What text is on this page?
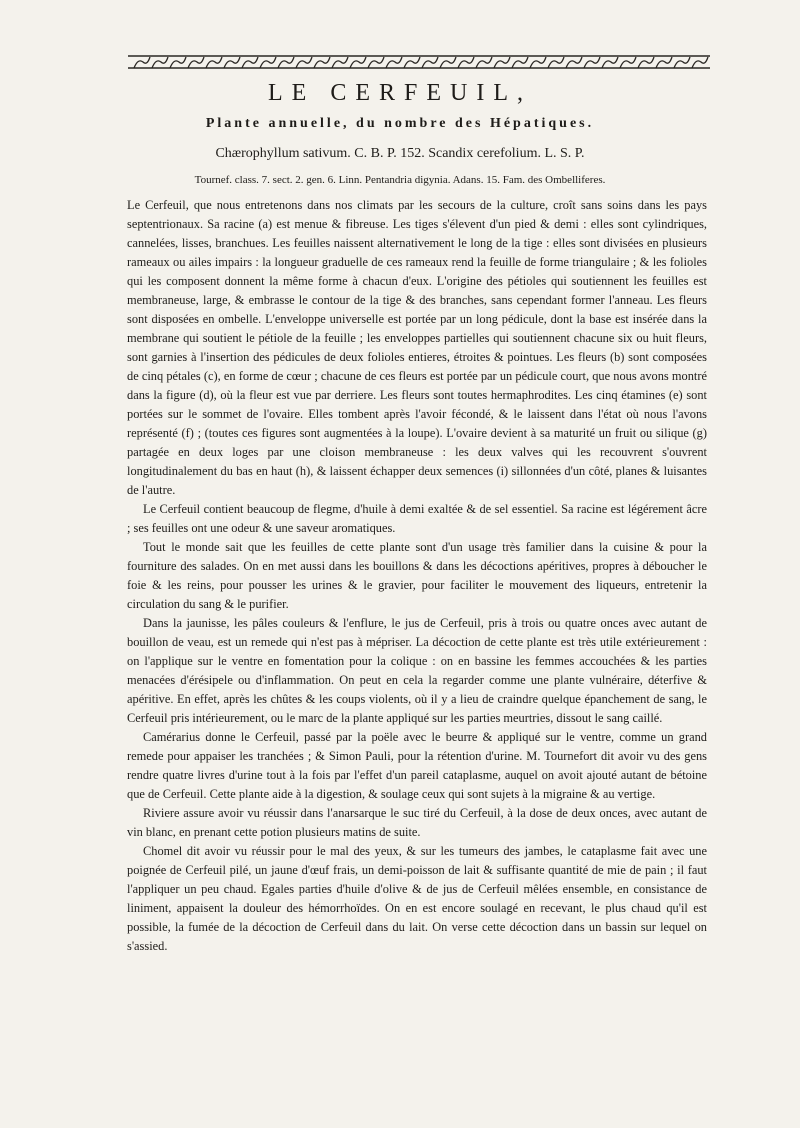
LE CERFEUIL,
Plante annuelle, du nombre des Hépatiques.

Chærophyllum sativum. C. B. P. 152. Scandix cerefolium. L. S. P.

Tournef. class. 7. sect. 2. gen. 6. Linn. Pentandria digynia. Adans. 15. Fam. des Ombelliferes.

Le Cerfeuil, que nous entretenons dans nos climats par les secours de la culture, croît sans soins dans les pays septentrionaux. Sa racine (a) est menue & fibreuse. Les tiges s'élevent d'un pied & demi : elles sont cylindriques, cannelées, lisses, branchues. Les feuilles naissent alternativement le long de la tige : elles sont divisées en plusieurs rameaux ou ailes impairs : la longueur graduelle de ces rameaux rend la feuille de forme triangulaire ; & les folioles qui les composent donnent la même forme à chacun d'eux. L'origine des pétioles qui soutiennent les feuilles est membraneuse, large, & embrasse le contour de la tige & des branches, sans cependant former l'anneau. Les fleurs sont disposées en ombelle. L'enveloppe universelle est portée par un long pédicule, dont la base est insérée dans la membrane qui soutient le pétiole de la feuille ; les enveloppes partielles qui soutiennent chacune six ou huit fleurs, sont garnies à l'insertion des pédicules de deux folioles entieres, étroites & pointues. Les fleurs (b) sont composées de cinq pétales (c), en forme de cœur ; chacune de ces fleurs est portée par un pédicule court, que nous avons montré dans la figure (d), où la fleur est vue par derriere. Les fleurs sont toutes hermaphrodites. Les cinq étamines (e) sont portées sur le sommet de l'ovaire. Elles tombent après l'avoir fécondé, & le laissent dans l'état où nous l'avons représenté (f) ; (toutes ces figures sont augmentées à la loupe). L'ovaire devient à sa maturité un fruit ou silique (g) partagée en deux loges par une cloison membraneuse : les deux valves qui les recouvrent s'ouvrent longitudinalement du bas en haut (h), & laissent échapper deux semences (i) sillonnées d'un côté, planes & luisantes de l'autre.

Le Cerfeuil contient beaucoup de flegme, d'huile à demi exaltée & de sel essentiel. Sa racine est légérement âcre ; ses feuilles ont une odeur & une saveur aromatiques.

Tout le monde sait que les feuilles de cette plante sont d'un usage très familier dans la cuisine & pour la fourniture des salades. On en met aussi dans les bouillons & dans les décoctions apéritives, propres à déboucher le foie & les reins, pour pousser les urines & le gravier, pour faciliter le mouvement des liqueurs, entretenir la circulation du sang & le purifier.

Dans la jaunisse, les pâles couleurs & l'enflure, le jus de Cerfeuil, pris à trois ou quatre onces avec autant de bouillon de veau, est un remede qui n'est pas à mépriser. La décoction de cette plante est très utile extérieurement : on l'applique sur le ventre en fomentation pour la colique : on en bassine les femmes accouchées & les parties menacées d'érésipele ou d'inflammation. On peut en cela la regarder comme une plante vulnéraire, déterfive & apéritive. En effet, après les chûtes & les coups violents, où il y a lieu de craindre quelque épanchement de sang, le Cerfeuil pris intérieurement, ou le marc de la plante appliqué sur les parties meurtries, dissout le sang caillé.

Camérarius donne le Cerfeuil, passé par la poële avec le beurre & appliqué sur le ventre, comme un grand remede pour appaiser les tranchées ; & Simon Pauli, pour la rétention d'urine. M. Tournefort dit avoir vu des gens rendre quatre livres d'urine tout à la fois par l'effet d'un pareil cataplasme, auquel on avoit ajouté autant de bétoine que de Cerfeuil. Cette plante aide à la digestion, & soulage ceux qui sont sujets à la migraine & au vertige.

Riviere assure avoir vu réussir dans l'anarsarque le suc tiré du Cerfeuil, à la dose de deux onces, avec autant de vin blanc, en prenant cette potion plusieurs matins de suite.

Chomel dit avoir vu réussir pour le mal des yeux, & sur les tumeurs des jambes, le cataplasme fait avec une poignée de Cerfeuil pilé, un jaune d'œuf frais, un demi-poisson de lait & suffisante quantité de mie de pain ; il faut l'appliquer un peu chaud. Egales parties d'huile d'olive & de jus de Cerfeuil mêlées ensemble, en consistance de liniment, appaisent la douleur des hémorrhoïdes. On en est encore soulagé en recevant, le plus chaud qu'il est possible, la fumée de la décoction de Cerfeuil dans du lait. On verse cette décoction dans un bassin sur lequel on s'assied.
